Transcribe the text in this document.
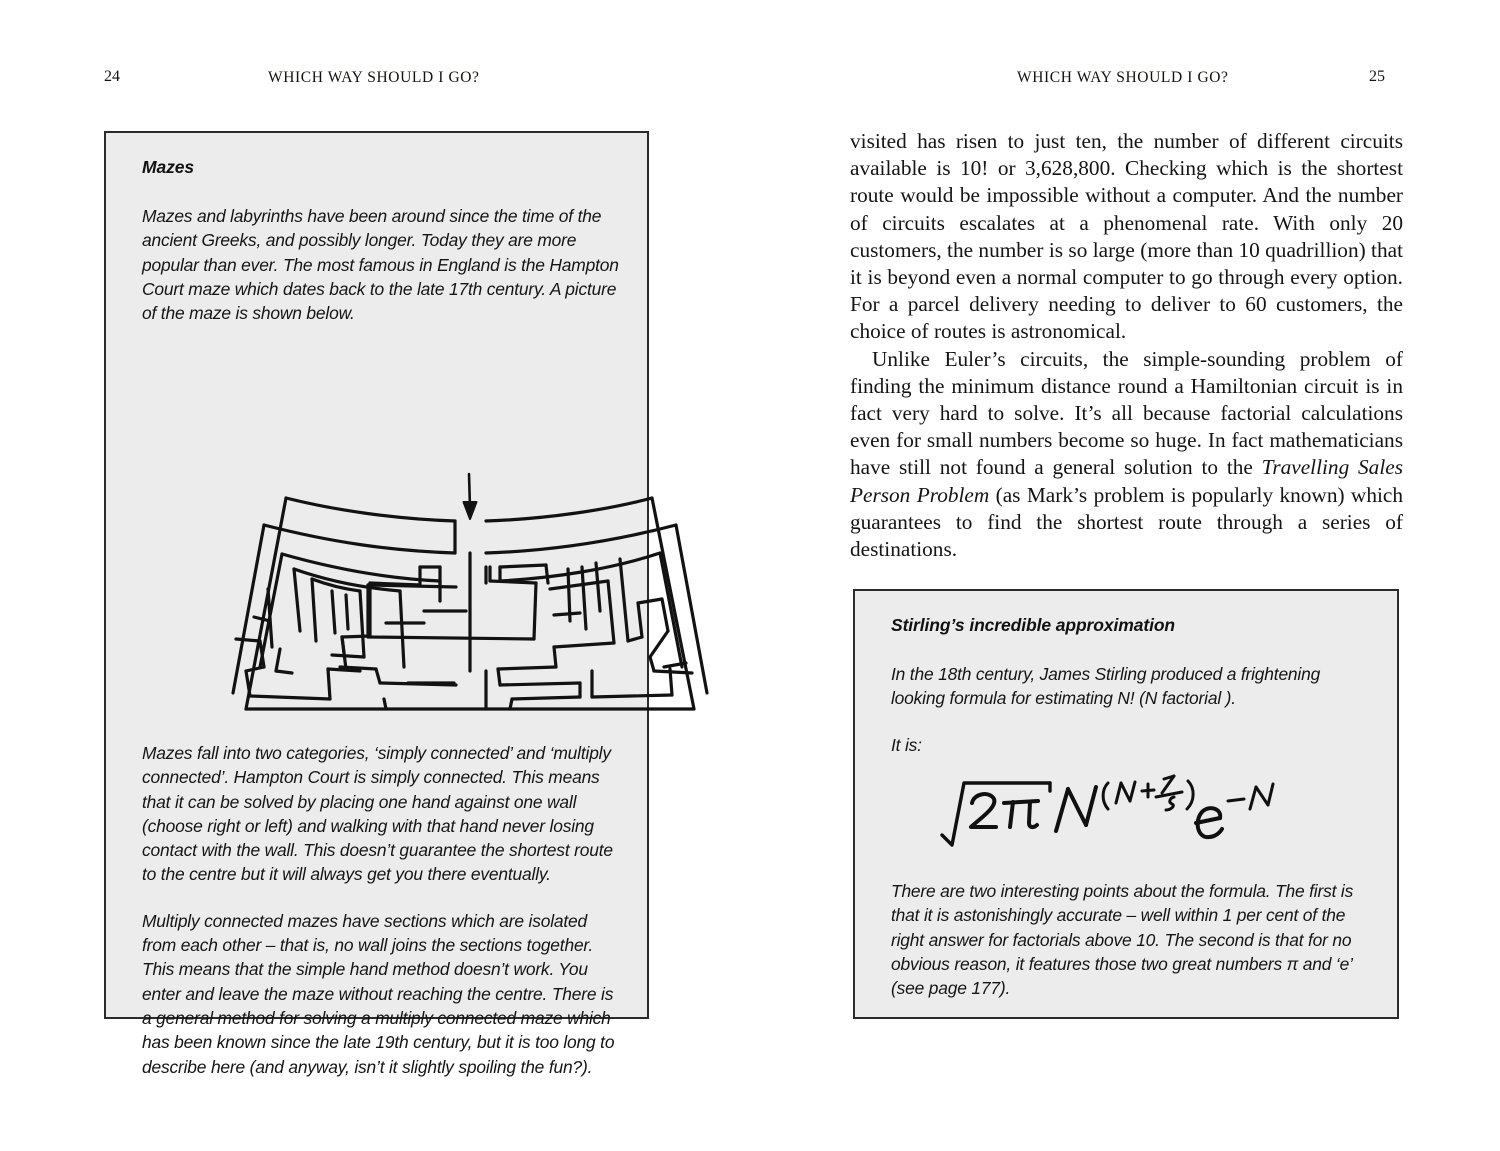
24	WHICH WAY SHOULD I GO?	WHICH WAY SHOULD I GO?	25

Mazes

Mazes and labyrinths have been around since the time of the ancient Greeks, and possibly longer. Today they are more popular than ever. The most famous in England is the Hampton Court maze which dates back to the late 17th century. A picture of the maze is shown below.

Mazes fall into two categories, ‘simply connected’ and ‘multiply connected’. Hampton Court is simply connected. This means that it can be solved by placing one hand against one wall (choose right or left) and walking with that hand never losing contact with the wall. This doesn’t guarantee the shortest route to the centre but it will always get you there eventually.

Multiply connected mazes have sections which are isolated from each other – that is, no wall joins the sections together. This means that the simple hand method doesn’t work. You enter and leave the maze without reaching the centre. There is a general method for solving a multiply connected maze which has been known since the late 19th century, but it is too long to describe here (and anyway, isn’t it slightly spoiling the fun?).

visited has risen to just ten, the number of different circuits available is 10! or 3,628,800. Checking which is the shortest route would be impossible without a computer. And the number of circuits escalates at a phenomenal rate. With only 20 customers, the number is so large (more than 10 quadrillion) that it is beyond even a normal computer to go through every option. For a parcel delivery needing to deliver to 60 customers, the choice of routes is astronomical.

Unlike Euler’s circuits, the simple-sounding problem of finding the minimum distance round a Hamiltonian circuit is in fact very hard to solve. It’s all because factorial calculations even for small numbers become so huge. In fact mathematicians have still not found a general solution to the Travelling Sales Person Problem (as Mark’s problem is popularly known) which guarantees to find the shortest route through a series of destinations.

Stirling’s incredible approximation

In the 18th century, James Stirling produced a frightening looking formula for estimating N! (N factorial ).

It is:

There are two interesting points about the formula. The first is that it is astonishingly accurate – well within 1 per cent of the right answer for factorials above 10. The second is that for no obvious reason, it features those two great numbers π and ‘e’ (see page 177).
